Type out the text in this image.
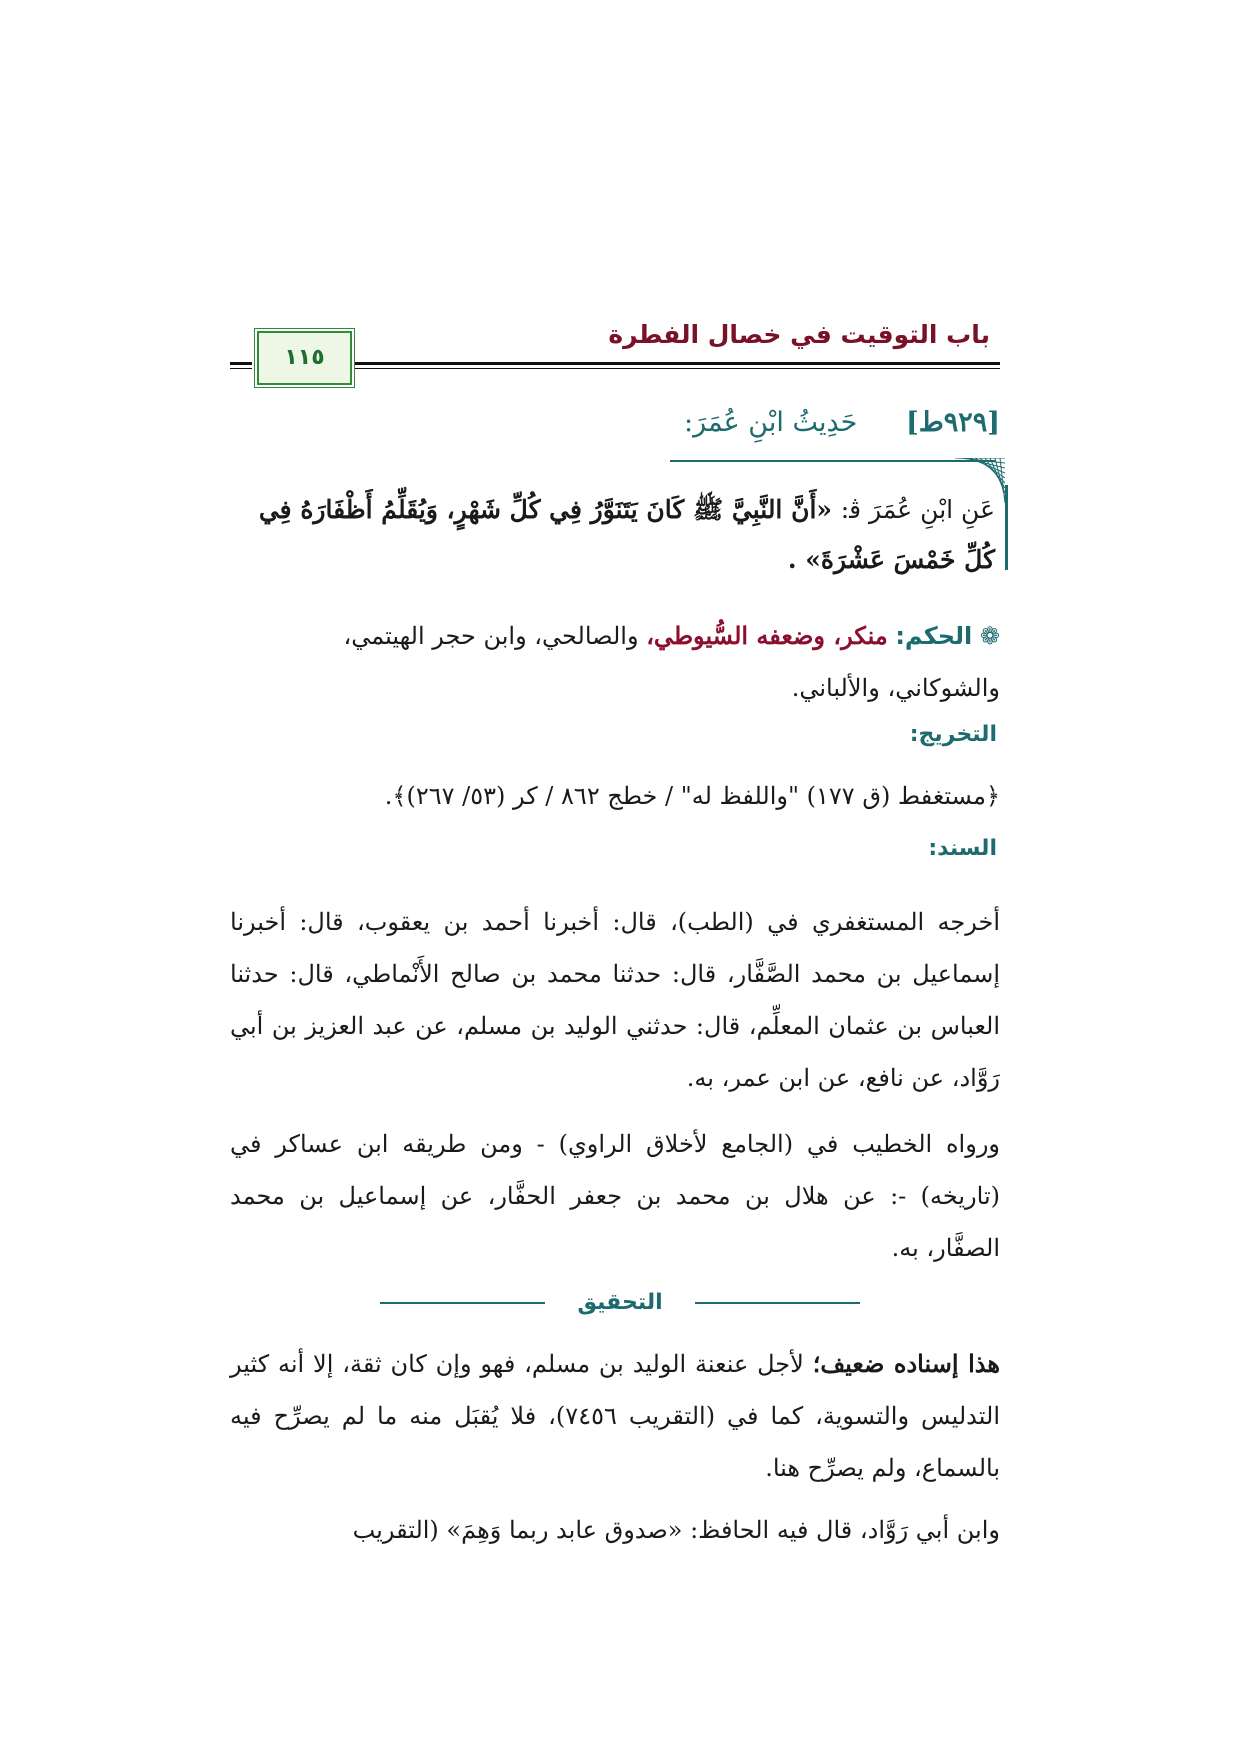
باب التوقيت في خصال الفطرة
١١٥
[٩٢٩ط] حَدِيثُ ابْنِ عُمَرَ:
عَنِ ابْنِ عُمَرَ ﭬ: «أَنَّ النَّبِيَّ ﷺ كَانَ يَتَنَوَّرُ فِي كُلِّ شَهْرٍ، وَيُقَلِّمُ أَظْفَارَهُ فِي كُلِّ خَمْسَ عَشْرَةَ» .
❁ الحكم: منكر، وضعفه السُّيوطي، والصالحي، وابن حجر الهيتمي، والشوكاني، والألباني.
التخريج:
﴿مستغفط (ق ١٧٧) "واللفظ له" / خطج ٨٦٢ / كر (٥٣/ ٢٦٧)﴾.
السند:
أخرجه المستغفري في (الطب)، قال: أخبرنا أحمد بن يعقوب، قال: أخبرنا إسماعيل بن محمد الصَّفَّار، قال: حدثنا محمد بن صالح الأَنْماطي، قال: حدثنا العباس بن عثمان المعلِّم، قال: حدثني الوليد بن مسلم، عن عبد العزيز بن أبي رَوَّاد، عن نافع، عن ابن عمر، به.
ورواه الخطيب في (الجامع لأخلاق الراوي) - ومن طريقه ابن عساكر في (تاريخه) -: عن هلال بن محمد بن جعفر الحفَّار، عن إسماعيل بن محمد الصفَّار، به.
التحقيق
هذا إسناده ضعيف؛ لأجل عنعنة الوليد بن مسلم، فهو وإن كان ثقة، إلا أنه كثير التدليس والتسوية، كما في (التقريب ٧٤٥٦)، فلا يُقبَل منه ما لم يصرِّح فيه بالسماع، ولم يصرِّح هنا.
وابن أبي رَوَّاد، قال فيه الحافظ: «صدوق عابد ربما وَهِمَ» (التقريب
